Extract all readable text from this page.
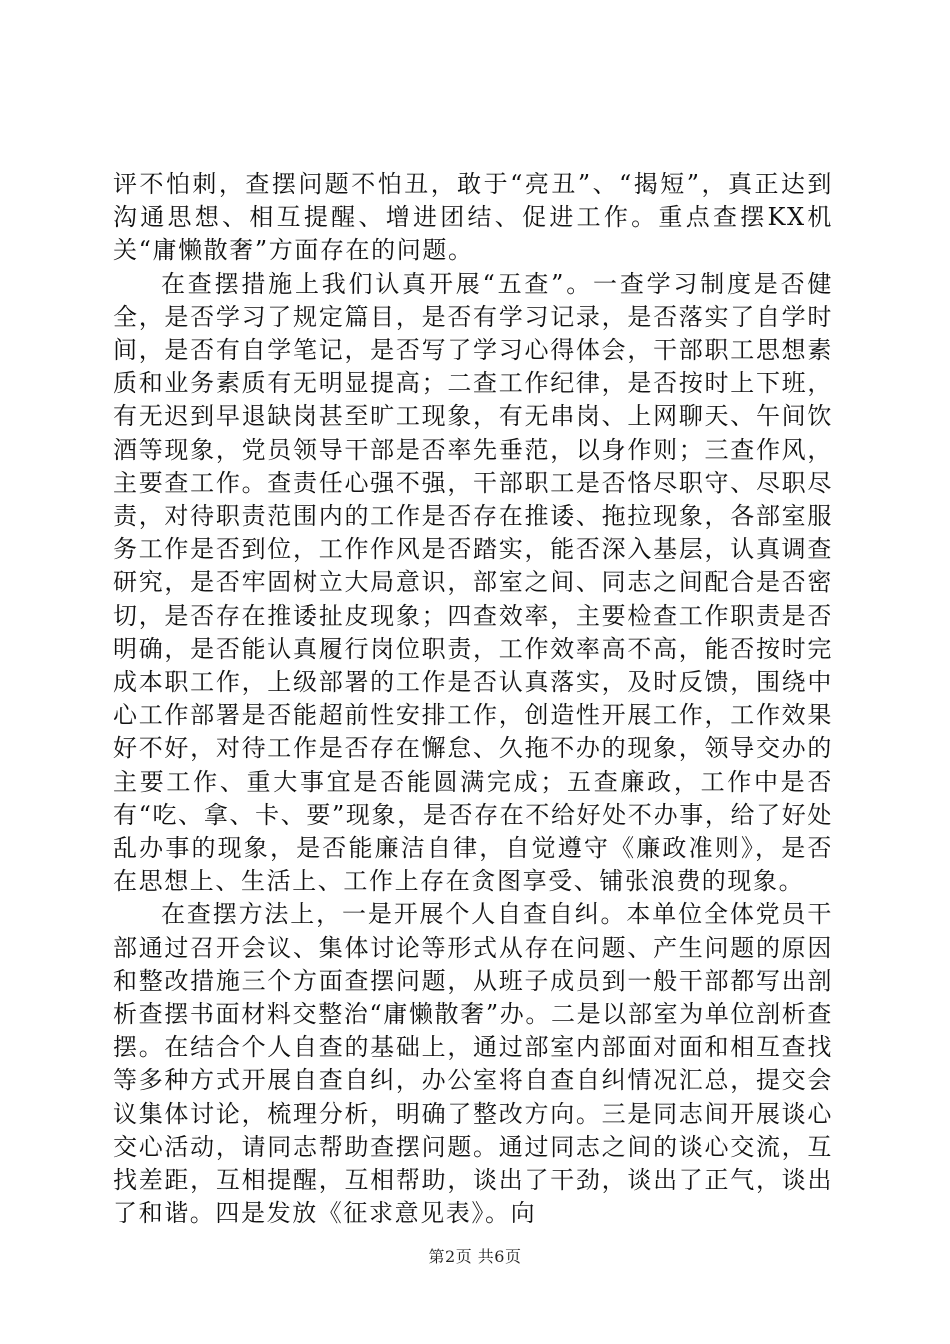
评不怕刺，查摆问题不怕丑，敢于“亮丑”、“揭短”，真正达到沟通思想、相互提醒、增进团结、促进工作。重点查摆KX机关“庸懒散奢”方面存在的问题。

在查摆措施上我们认真开展“五查”。一查学习制度是否健全，是否学习了规定篇目，是否有学习记录，是否落实了自学时间，是否有自学笔记，是否写了学习心得体会，干部职工思想素质和业务素质有无明显提高；二查工作纪律，是否按时上下班，有无迟到早退缺岗甚至旷工现象，有无串岗、上网聊天、午间饮酒等现象，党员领导干部是否率先垂范，以身作则；三查作风，主要查工作。查责任心强不强，干部职工是否恪尽职守、尽职尽责，对待职责范围内的工作是否存在推诿、拖拉现象，各部室服务工作是否到位，工作作风是否踏实，能否深入基层，认真调查研究，是否牢固树立大局意识，部室之间、同志之间配合是否密切，是否存在推诿扯皮现象；四查效率，主要检查工作职责是否明确，是否能认真履行岗位职责，工作效率高不高，能否按时完成本职工作，上级部署的工作是否认真落实，及时反馈，围绕中心工作部署是否能超前性安排工作，创造性开展工作，工作效果好不好，对待工作是否存在懈怠、久拖不办的现象，领导交办的主要工作、重大事宜是否能圆满完成；五查廉政，工作中是否有“吃、拿、卡、要”现象，是否存在不给好处不办事，给了好处乱办事的现象，是否能廉洁自律，自觉遵守《廉政准则》，是否在思想上、生活上、工作上存在贪图享受、铺张浪费的现象。

在查摆方法上，一是开展个人自查自纠。本单位全体党员干部通过召开会议、集体讨论等形式从存在问题、产生问题的原因和整改措施三个方面查摆问题，从班子成员到一般干部都写出剖析查摆书面材料交整治“庸懒散奢”办。二是以部室为单位剖析查摆。在结合个人自查的基础上，通过部室内部面对面和相互查找等多种方式开展自查自纠，办公室将自查自纠情况汇总，提交会议集体讨论，梳理分析，明确了整改方向。三是同志间开展谈心交心活动，请同志帮助查摆问题。通过同志之间的谈心交流，互找差距，互相提醒，互相帮助，谈出了干劲，谈出了正气，谈出了和谐。四是发放《征求意见表》。向

第2页 共6页
